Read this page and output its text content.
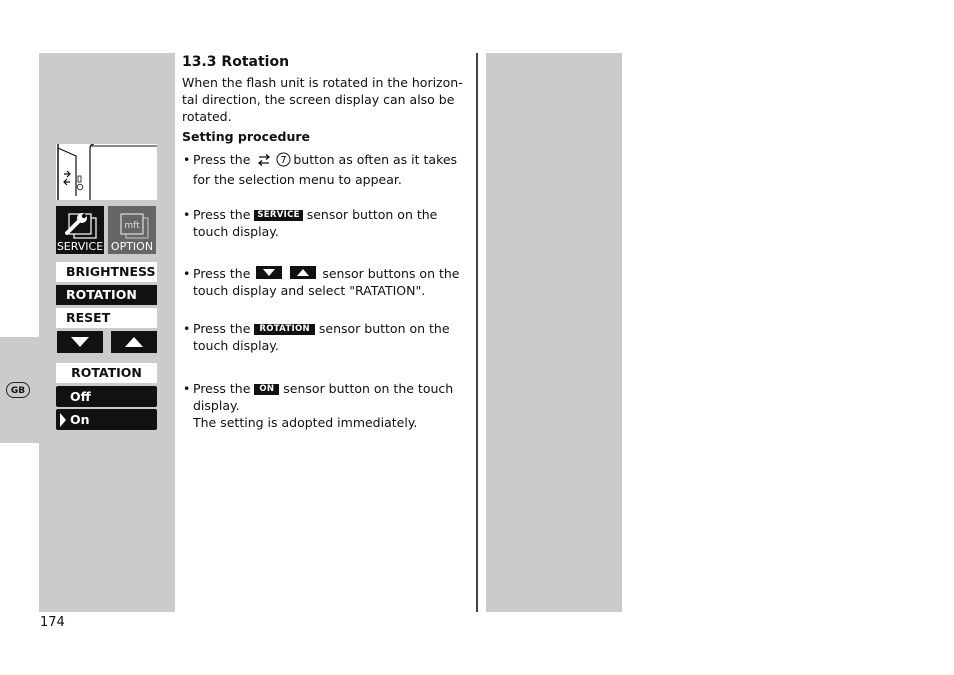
GB
174
13.3 Rotation
When the flash unit is rotated in the horizon-
tal direction, the screen display can also be
rotated.
Setting procedure
• Press the	7 button as often as it takes
for the selection menu to appear.
• Press the SERVICE sensor button on the
touch display.
• Press the
	sensor buttons on the
touch display and select "RATATION".
• Press the ROTATION sensor button on the
touch display.
• Press the ON sensor button on the touch
display.
The setting is adopted immediately.
SERVICE
mft
OPTION
BRIGHTNESS
ROTATION
RESET
ROTATION
Off
On
